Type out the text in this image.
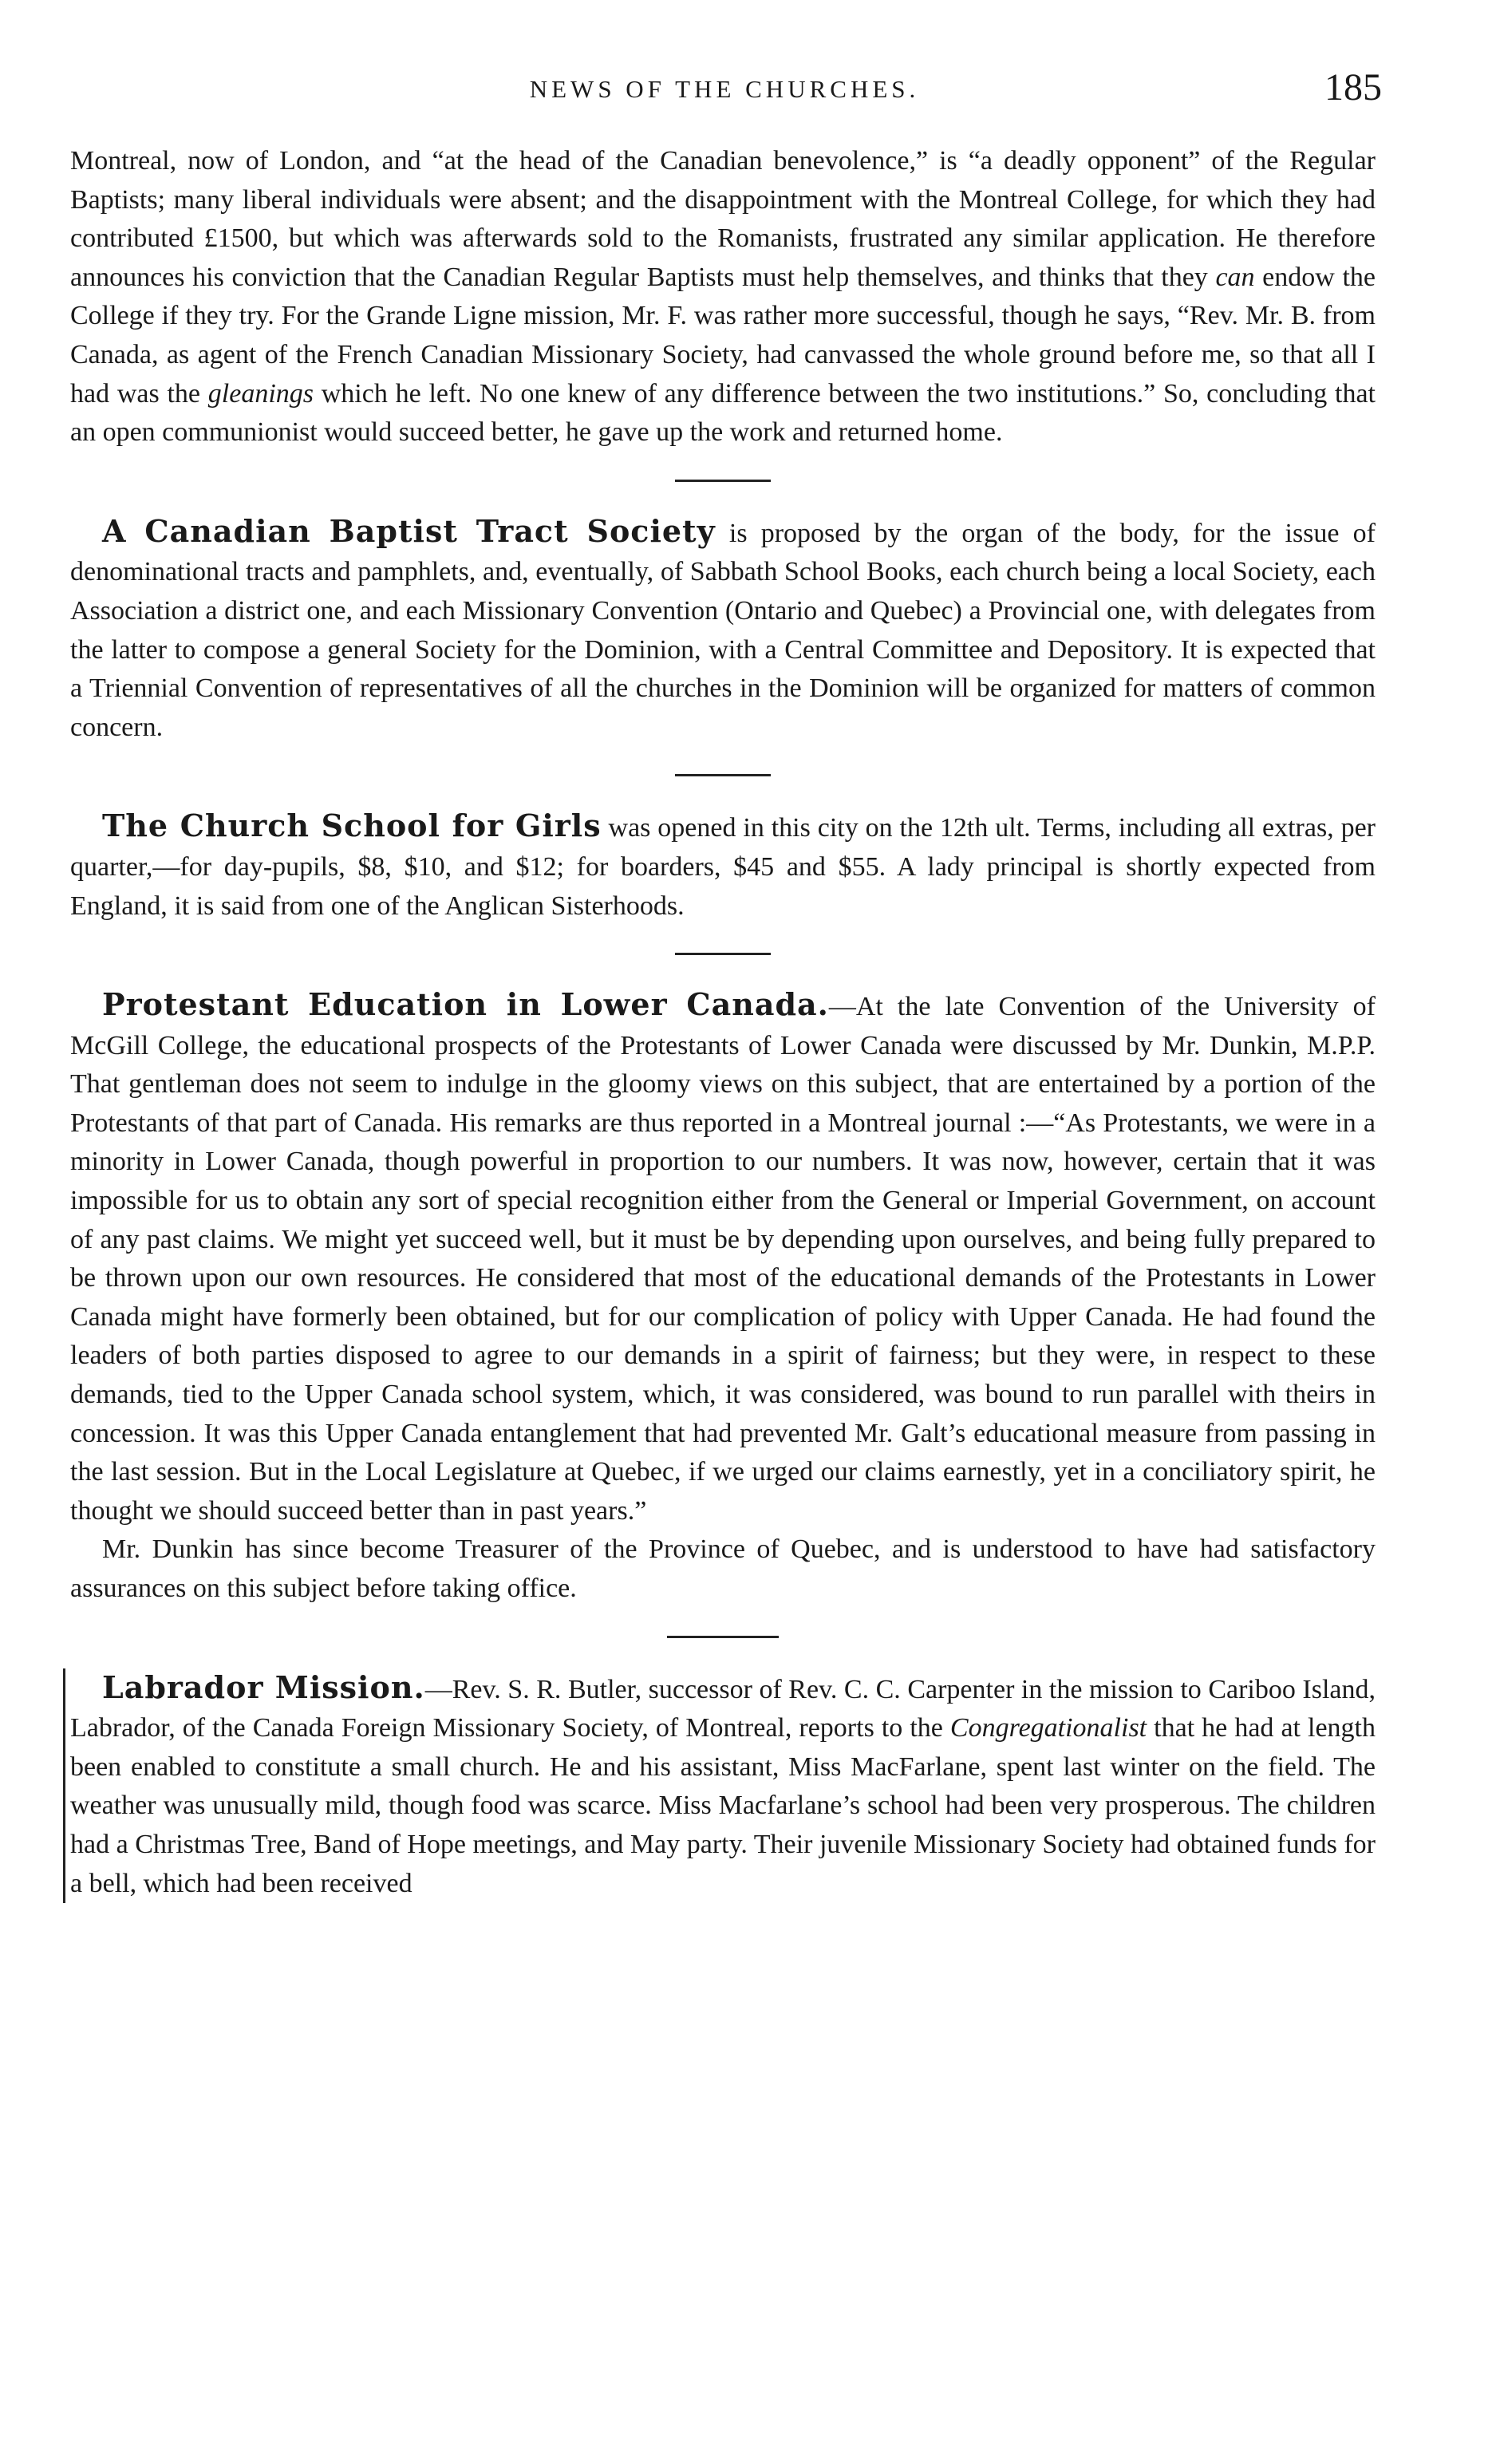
NEWS OF THE CHURCHES.	185

Montreal, now of London, and “at the head of the Canadian benevolence,” is “a deadly opponent” of the Regular Baptists; many liberal individuals were absent; and the disappointment with the Montreal College, for which they had contributed £1500, but which was afterwards sold to the Romanists, frustrated any similar application. He therefore announces his conviction that the Canadian Regular Baptists must help themselves, and thinks that they can endow the College if they try. For the Grande Ligne mission, Mr. F. was rather more successful, though he says, “Rev. Mr. B. from Canada, as agent of the French Canadian Missionary Society, had canvassed the whole ground before me, so that all I had was the gleanings which he left. No one knew of any difference between the two institutions.” So, concluding that an open communionist would succeed better, he gave up the work and returned home.

A Canadian Baptist Tract Society is proposed by the organ of the body, for the issue of denominational tracts and pamphlets, and, eventually, of Sabbath School Books, each church being a local Society, each Association a district one, and each Missionary Convention (Ontario and Quebec) a Provincial one, with delegates from the latter to compose a general Society for the Dominion, with a Central Committee and Depository. It is expected that a Triennial Convention of representatives of all the churches in the Dominion will be organized for matters of common concern.

The Church School for Girls was opened in this city on the 12th ult. Terms, including all extras, per quarter,—for day-pupils, $8, $10, and $12; for boarders, $45 and $55. A lady principal is shortly expected from England, it is said from one of the Anglican Sisterhoods.

Protestant Education in Lower Canada.—At the late Convention of the University of McGill College, the educational prospects of the Protestants of Lower Canada were discussed by Mr. Dunkin, M.P.P. That gentleman does not seem to indulge in the gloomy views on this subject, that are entertained by a portion of the Protestants of that part of Canada. His remarks are thus reported in a Montreal journal :—“As Protestants, we were in a minority in Lower Canada, though powerful in proportion to our numbers. It was now, however, certain that it was impossible for us to obtain any sort of special recognition either from the General or Imperial Government, on account of any past claims. We might yet succeed well, but it must be by depending upon ourselves, and being fully prepared to be thrown upon our own resources. He considered that most of the educational demands of the Protestants in Lower Canada might have formerly been obtained, but for our complication of policy with Upper Canada. He had found the leaders of both parties disposed to agree to our demands in a spirit of fairness; but they were, in respect to these demands, tied to the Upper Canada school system, which, it was considered, was bound to run parallel with theirs in concession. It was this Upper Canada entanglement that had prevented Mr. Galt’s educational measure from passing in the last session. But in the Local Legislature at Quebec, if we urged our claims earnestly, yet in a conciliatory spirit, he thought we should succeed better than in past years.”

Mr. Dunkin has since become Treasurer of the Province of Quebec, and is understood to have had satisfactory assurances on this subject before taking office.

Labrador Mission.—Rev. S. R. Butler, successor of Rev. C. C. Carpenter in the mission to Cariboo Island, Labrador, of the Canada Foreign Missionary Society, of Montreal, reports to the Congregationalist that he had at length been enabled to constitute a small church. He and his assistant, Miss MacFarlane, spent last winter on the field. The weather was unusually mild, though food was scarce. Miss Macfarlane’s school had been very prosperous. The children had a Christmas Tree, Band of Hope meetings, and May party. Their juvenile Missionary Society had obtained funds for a bell, which had been received
